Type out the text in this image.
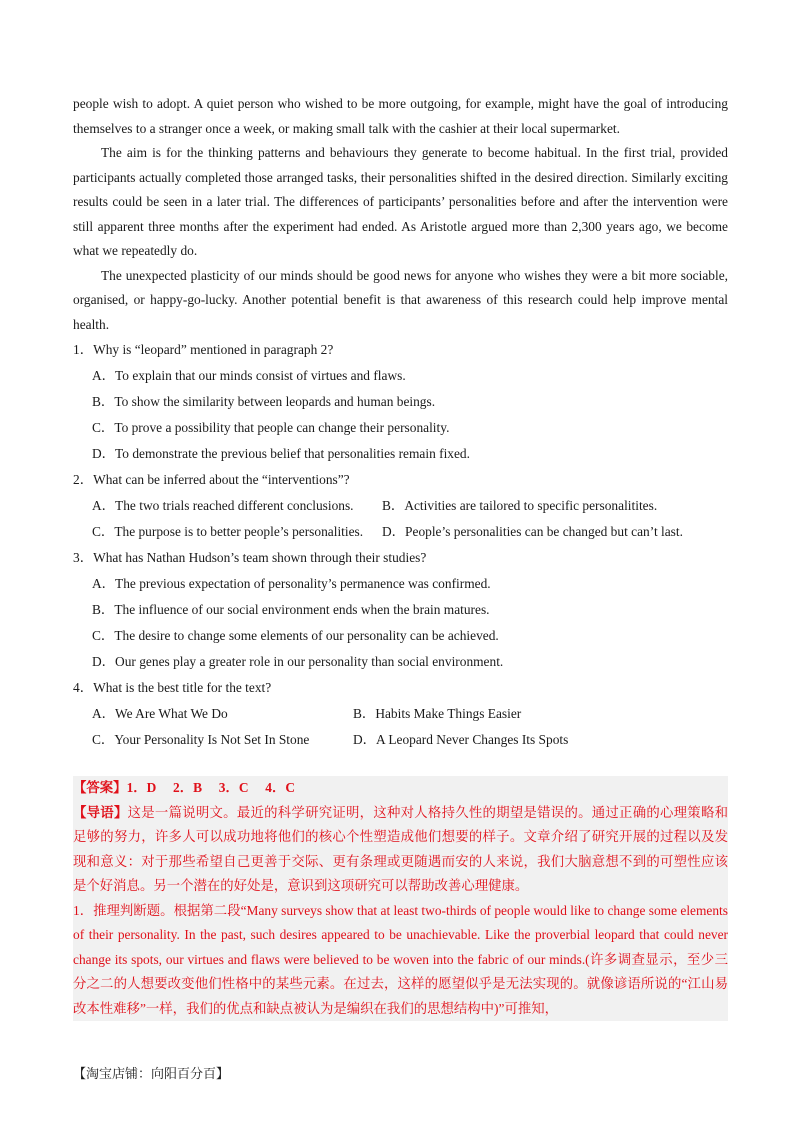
people wish to adopt. A quiet person who wished to be more outgoing, for example, might have the goal of introducing themselves to a stranger once a week, or making small talk with the cashier at their local supermarket.

The aim is for the thinking patterns and behaviours they generate to become habitual. In the first trial, provided participants actually completed those arranged tasks, their personalities shifted in the desired direction. Similarly exciting results could be seen in a later trial. The differences of participants’ personalities before and after the intervention were still apparent three months after the experiment had ended. As Aristotle argued more than 2,300 years ago, we become what we repeatedly do.

The unexpected plasticity of our minds should be good news for anyone who wishes they were a bit more sociable, organised, or happy-go-lucky. Another potential benefit is that awareness of this research could help improve mental health.

1．Why is “leopard” mentioned in paragraph 2?

A．To explain that our minds consist of virtues and flaws.

B．To show the similarity between leopards and human beings.

C．To prove a possibility that people can change their personality.

D．To demonstrate the previous belief that personalities remain fixed.

2．What can be inferred about the “interventions”?

A．The two trials reached different conclusions.	B．Activities are tailored to specific personalitites.
C．The purpose is to better people’s personalities.	D．People’s personalities can be changed but can’t last.

3．What has Nathan Hudson’s team shown through their studies?

A．The previous expectation of personality’s permanence was confirmed.

B．The influence of our social environment ends when the brain matures.

C．The desire to change some elements of our personality can be achieved.

D．Our genes play a greater role in our personality than social environment.

4．What is the best title for the text?

A．We Are What We Do	B．Habits Make Things Easier
C．Your Personality Is Not Set In Stone	D．A Leopard Never Changes Its Spots

【答案】1．D　 2．B　 3．C　 4．C

【导语】这是一篇说明文。最近的科学研究证明，这种对人格持久性的期望是错误的。通过正确的心理策略和足够的努力，许多人可以成功地将他们的核心个性塑造成他们想要的样子。文章介绍了研究开展的过程以及发现和意义：对于那些希望自己更善于交际、更有条理或更随遇而安的人来说，我们大脑意想不到的可塑性应该是个好消息。另一个潜在的好处是，意识到这项研究可以帮助改善心理健康。

1．推理判断题。根据第二段“Many surveys show that at least two-thirds of people would like to change some elements of their personality. In the past, such desires appeared to be unachievable. Like the proverbial leopard that could never change its spots, our virtues and flaws were believed to be woven into the fabric of our minds.(许多调查显示，至少三分之二的人想要改变他们性格中的某些元素。在过去，这样的愿望似乎是无法实现的。就像谚语所说的“江山易改本性难移”一样，我们的优点和缺点被认为是编织在我们的思想结构中)”可推知，

【淘宝店铺：向阳百分百】
